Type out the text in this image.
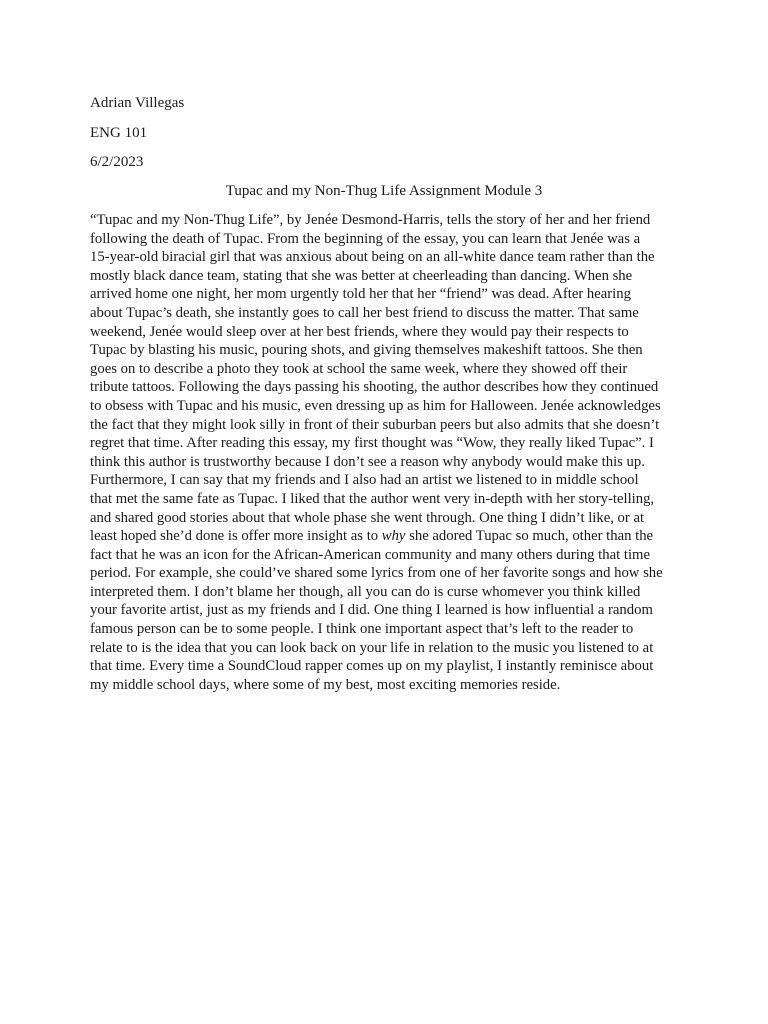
Adrian Villegas

ENG 101

6/2/2023

Tupac and my Non-Thug Life Assignment Module 3
“Tupac and my Non-Thug Life”, by Jenée Desmond-Harris, tells the story of her and her friend
following the death of Tupac. From the beginning of the essay, you can learn that Jenée was a
15-year-old biracial girl that was anxious about being on an all-white dance team rather than the
mostly black dance team, stating that she was better at cheerleading than dancing. When she
arrived home one night, her mom urgently told her that her “friend” was dead. After hearing
about Tupac’s death, she instantly goes to call her best friend to discuss the matter. That same
weekend, Jenée would sleep over at her best friends, where they would pay their respects to
Tupac by blasting his music, pouring shots, and giving themselves makeshift tattoos. She then
goes on to describe a photo they took at school the same week, where they showed off their
tribute tattoos. Following the days passing his shooting, the author describes how they continued
to obsess with Tupac and his music, even dressing up as him for Halloween. Jenée acknowledges
the fact that they might look silly in front of their suburban peers but also admits that she doesn’t
regret that time. After reading this essay, my first thought was “Wow, they really liked Tupac”. I
think this author is trustworthy because I don’t see a reason why anybody would make this up.
Furthermore, I can say that my friends and I also had an artist we listened to in middle school
that met the same fate as Tupac. I liked that the author went very in-depth with her story-telling,
and shared good stories about that whole phase she went through. One thing I didn’t like, or at
least hoped she’d done is offer more insight as to why she adored Tupac so much, other than the
fact that he was an icon for the African-American community and many others during that time
period. For example, she could’ve shared some lyrics from one of her favorite songs and how she
interpreted them. I don’t blame her though, all you can do is curse whomever you think killed
your favorite artist, just as my friends and I did. One thing I learned is how influential a random
famous person can be to some people. I think one important aspect that’s left to the reader to
relate to is the idea that you can look back on your life in relation to the music you listened to at
that time. Every time a SoundCloud rapper comes up on my playlist, I instantly reminisce about
my middle school days, where some of my best, most exciting memories reside.
